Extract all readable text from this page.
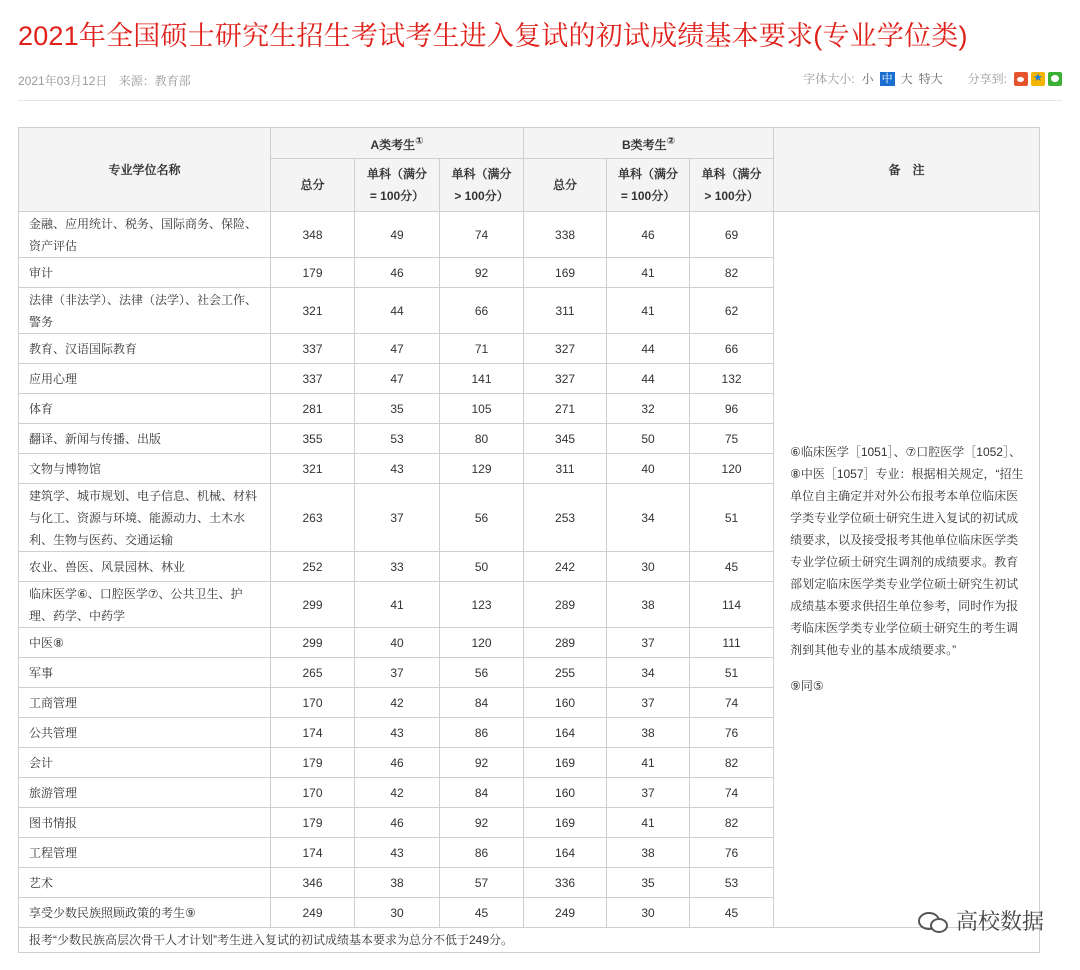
2021年全国硕士研究生招生考试考生进入复试的初试成绩基本要求(专业学位类)
2021年03月12日 来源：教育部	字体大小: 小 中 大 特大 分享到:
★
专业学位名称	A类考生①			B类考生②			备　注
	总分	单科（满分 = 100分）	单科（满分 > 100分）	总分	单科（满分 = 100分）	单科（满分 > 100分）	
金融、应用统计、税务、国际商务、保险、资产评估	348	49	74	338	46	69	⑥临床医学［1051］、⑦口腔医学［1052］、⑧中医［1057］专业：根据相关规定，“招生单位自主确定并对外公布报考本单位临床医学类专业学位硕士研究生进入复试的初试成绩要求，以及接受报考其他单位临床医学类专业学位硕士研究生调剂的成绩要求。教育部划定临床医学类专业学位硕士研究生初试成绩基本要求供招生单位参考，同时作为报考临床医学类专业学位硕士研究生的考生调剂到其他专业的基本成绩要求。”

⑨同⑤

审计	179	46	92	169	41	82	
法律（非法学）、法律（法学）、社会工作、警务	321	44	66	311	41	62	
教育、汉语国际教育	337	47	71	327	44	66	
应用心理	337	47	141	327	44	132	
体育	281	35	105	271	32	96	
翻译、新闻与传播、出版	355	53	80	345	50	75	
文物与博物馆	321	43	129	311	40	120	
建筑学、城市规划、电子信息、机械、材料与化工、资源与环境、能源动力、土木水利、生物与医药、交通运输	263	37	56	253	34	51	
农业、兽医、风景园林、林业	252	33	50	242	30	45	
临床医学⑥、口腔医学⑦、公共卫生、护理、药学、中药学	299	41	123	289	38	114	
中医⑧	299	40	120	289	37	111	
军事	265	37	56	255	34	51	
工商管理	170	42	84	160	37	74	
公共管理	174	43	86	164	38	76	
会计	179	46	92	169	41	82	
旅游管理	170	42	84	160	37	74	
图书情报	179	46	92	169	41	82	
工程管理	174	43	86	164	38	76	
艺术	346	38	57	336	35	53	
享受少数民族照顾政策的考生⑨	249	30	45	249	30	45	
报考“少数民族高层次骨干人才计划”考生进入复试的初试成绩基本要求为总分不低于249分。							
高校数据
